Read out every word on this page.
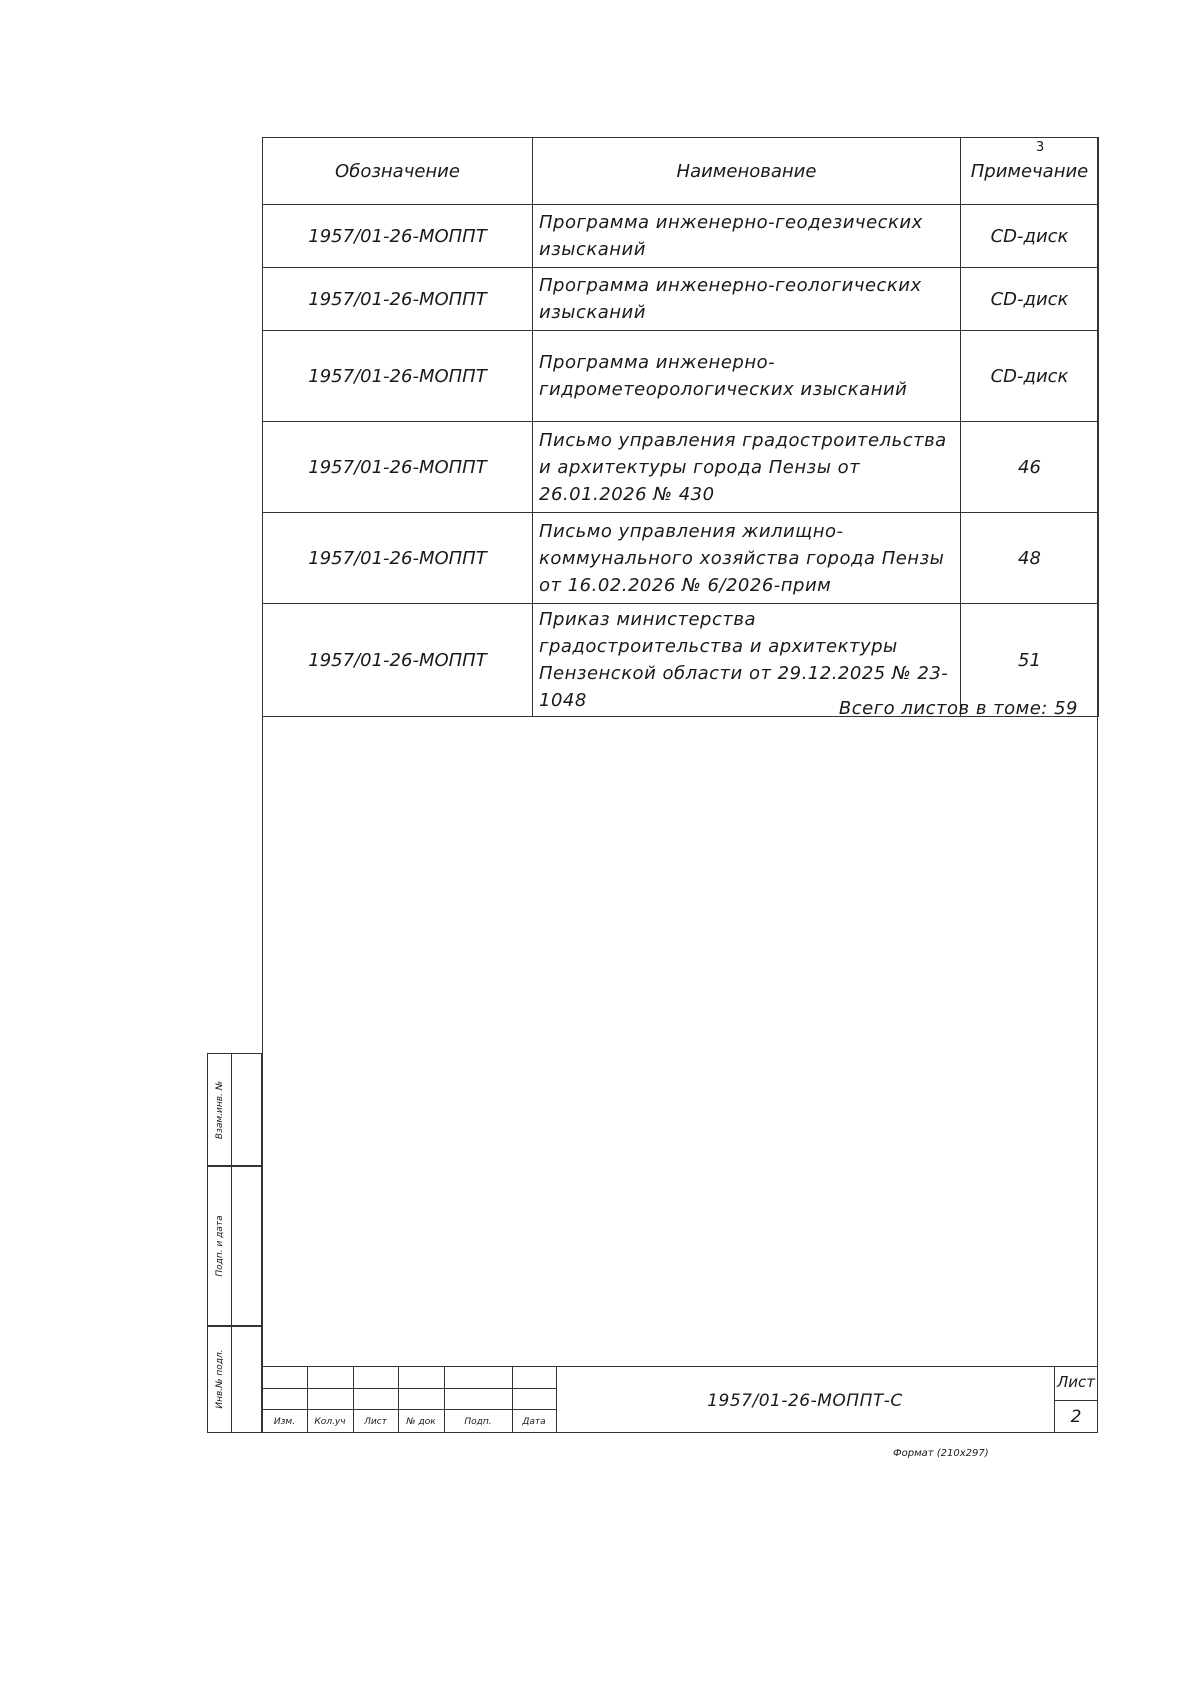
3
Обозначение	Наименование	Примечание
1957/01-26-МОППТ	Программа инженерно-геодезических изысканий	CD-диск
1957/01-26-МОППТ	Программа инженерно-геологических изысканий	CD-диск
1957/01-26-МОППТ	Программа инженерно-гидрометеорологических изысканий	CD-диск
1957/01-26-МОППТ	Письмо управления градостроительства и архитектуры города Пензы от 26.01.2026 № 430	46
1957/01-26-МОППТ	Письмо управления жилищно-коммунального хозяйства города Пензы от 16.02.2026 № 6/2026-прим	48
1957/01-26-МОППТ	Приказ министерства градостроительства и архитектуры Пензенской области от 29.12.2025 № 23-1048	51
Всего листов в томе: 59
Взам.инв. №
Подп. и дата
Инв.№ подл.
Изм.	Кол.уч	Лист	№ док	Подп.	Дата
1957/01-26-МОППТ-С
Лист
2
Формат (210х297)
